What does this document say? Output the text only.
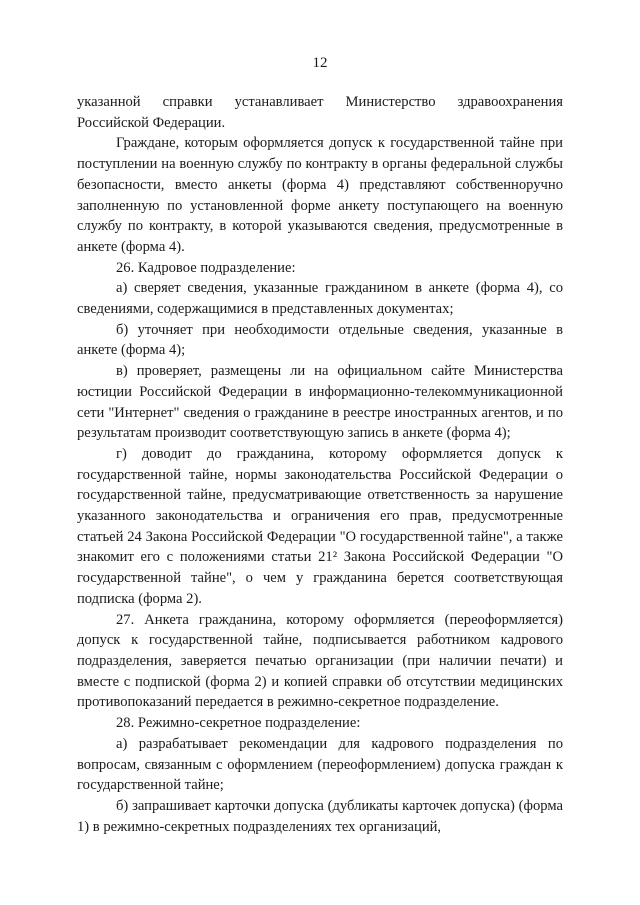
12

указанной справки устанавливает Министерство здравоохранения Российской Федерации.

Граждане, которым оформляется допуск к государственной тайне при поступлении на военную службу по контракту в органы федеральной службы безопасности, вместо анкеты (форма 4) представляют собственноручно заполненную по установленной форме анкету поступающего на военную службу по контракту, в которой указываются сведения, предусмотренные в анкете (форма 4).

26. Кадровое подразделение:

а) сверяет сведения, указанные гражданином в анкете (форма 4), со сведениями, содержащимися в представленных документах;

б) уточняет при необходимости отдельные сведения, указанные в анкете (форма 4);

в) проверяет, размещены ли на официальном сайте Министерства юстиции Российской Федерации в информационно-телекоммуникационной сети "Интернет" сведения о гражданине в реестре иностранных агентов, и по результатам производит соответствующую запись в анкете (форма 4);

г) доводит до гражданина, которому оформляется допуск к государственной тайне, нормы законодательства Российской Федерации о государственной тайне, предусматривающие ответственность за нарушение указанного законодательства и ограничения его прав, предусмотренные статьей 24 Закона Российской Федерации "О государственной тайне", а также знакомит его с положениями статьи 21² Закона Российской Федерации "О государственной тайне", о чем у гражданина берется соответствующая подписка (форма 2).

27. Анкета гражданина, которому оформляется (переоформляется) допуск к государственной тайне, подписывается работником кадрового подразделения, заверяется печатью организации (при наличии печати) и вместе с подпиской (форма 2) и копией справки об отсутствии медицинских противопоказаний передается в режимно-секретное подразделение.

28. Режимно-секретное подразделение:

а) разрабатывает рекомендации для кадрового подразделения по вопросам, связанным с оформлением (переоформлением) допуска граждан к государственной тайне;

б) запрашивает карточки допуска (дубликаты карточек допуска) (форма 1) в режимно-секретных подразделениях тех организаций,
